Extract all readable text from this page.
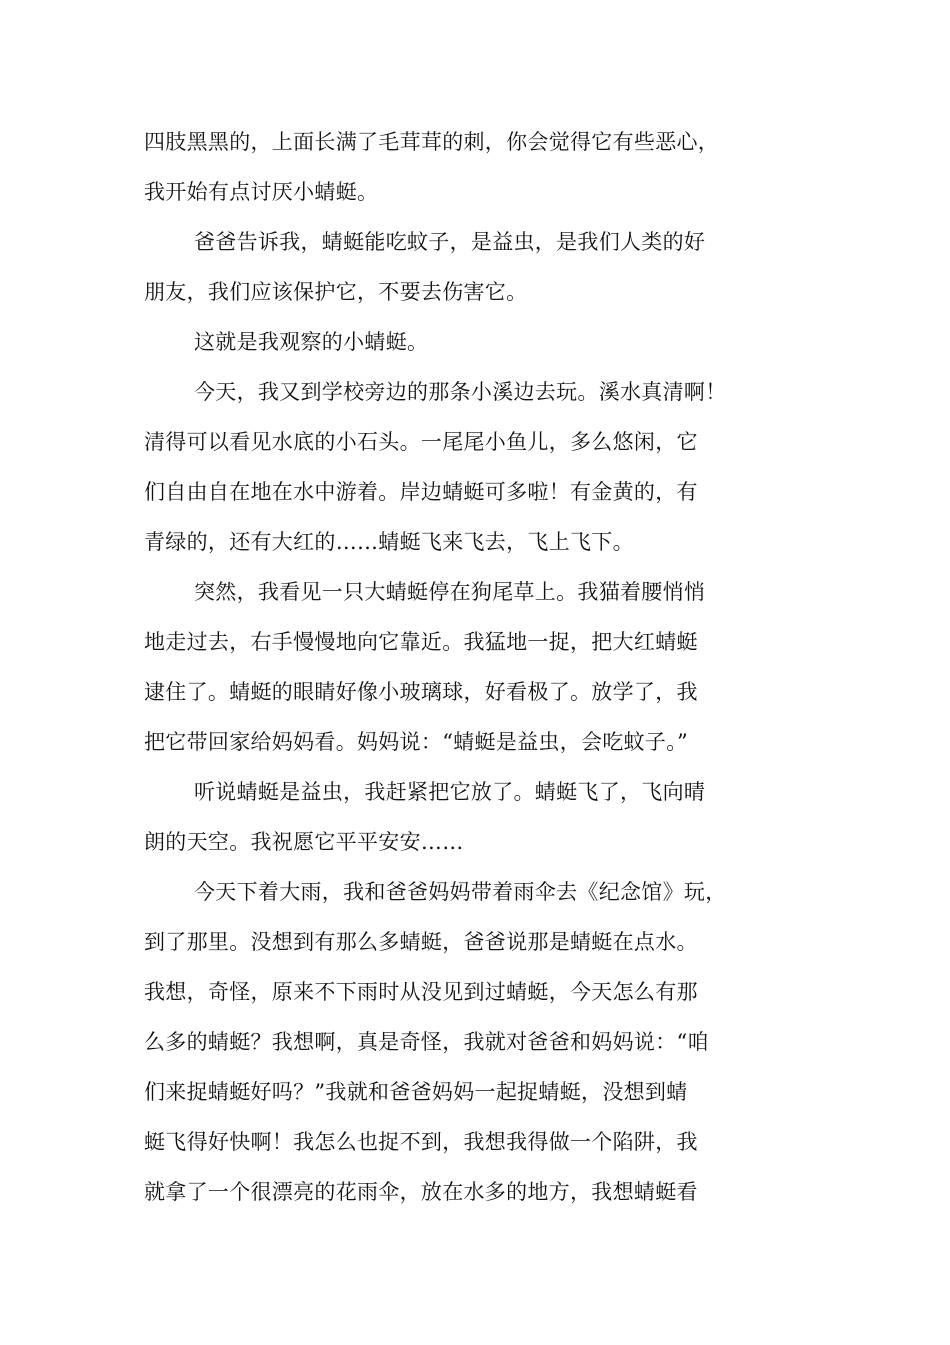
四肢黑黑的，上面长满了毛茸茸的刺，你会觉得它有些恶心，
我开始有点讨厌小蜻蜓。
爸爸告诉我，蜻蜓能吃蚊子，是益虫，是我们人类的好
朋友，我们应该保护它，不要去伤害它。
这就是我观察的小蜻蜓。
今天，我又到学校旁边的那条小溪边去玩。溪水真清啊！
清得可以看见水底的小石头。一尾尾小鱼儿，多么悠闲，它
们自由自在地在水中游着。岸边蜻蜓可多啦！有金黄的，有
青绿的，还有大红的……蜻蜓飞来飞去，飞上飞下。
突然，我看见一只大蜻蜓停在狗尾草上。我猫着腰悄悄
地走过去，右手慢慢地向它靠近。我猛地一捉，把大红蜻蜓
逮住了。蜻蜓的眼睛好像小玻璃球，好看极了。放学了，我
把它带回家给妈妈看。妈妈说：“蜻蜓是益虫，会吃蚊子。”
听说蜻蜓是益虫，我赶紧把它放了。蜻蜓飞了，飞向晴
朗的天空。我祝愿它平平安安……
今天下着大雨，我和爸爸妈妈带着雨伞去《纪念馆》玩，
到了那里。没想到有那么多蜻蜓，爸爸说那是蜻蜓在点水。
我想，奇怪，原来不下雨时从没见到过蜻蜓，今天怎么有那
么多的蜻蜓？我想啊，真是奇怪，我就对爸爸和妈妈说：“咱
们来捉蜻蜓好吗？”我就和爸爸妈妈一起捉蜻蜓，没想到蜻
蜓飞得好快啊！我怎么也捉不到，我想我得做一个陷阱，我
就拿了一个很漂亮的花雨伞，放在水多的地方，我想蜻蜓看
